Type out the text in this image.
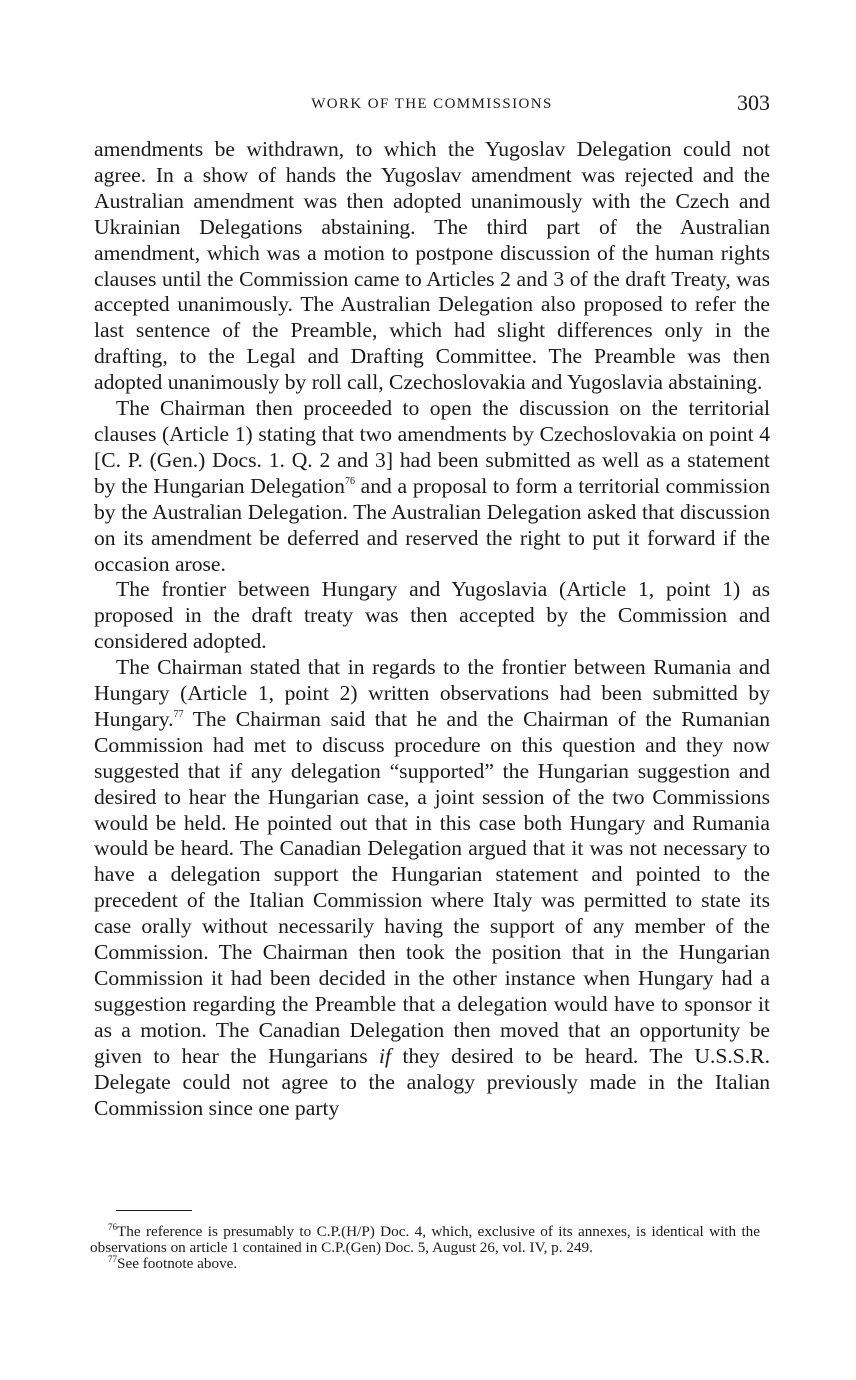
WORK OF THE COMMISSIONS	303

amendments be withdrawn, to which the Yugoslav Delegation could not agree. In a show of hands the Yugoslav amendment was rejected and the Australian amendment was then adopted unanimously with the Czech and Ukrainian Delegations abstaining. The third part of the Australian amendment, which was a motion to postpone discussion of the human rights clauses until the Commission came to Articles 2 and 3 of the draft Treaty, was accepted unanimously. The Australian Delegation also proposed to refer the last sentence of the Preamble, which had slight differences only in the drafting, to the Legal and Drafting Committee. The Preamble was then adopted unanimously by roll call, Czechoslovakia and Yugoslavia abstaining.

The Chairman then proceeded to open the discussion on the territorial clauses (Article 1) stating that two amendments by Czechoslovakia on point 4 [C. P. (Gen.) Docs. 1. Q. 2 and 3] had been submitted as well as a statement by the Hungarian Delegation$^{76}$ and a proposal to form a territorial commission by the Australian Delegation. The Australian Delegation asked that discussion on its amendment be deferred and reserved the right to put it forward if the occasion arose.

The frontier between Hungary and Yugoslavia (Article 1, point 1) as proposed in the draft treaty was then accepted by the Commission and considered adopted.

The Chairman stated that in regards to the frontier between Rumania and Hungary (Article 1, point 2) written observations had been submitted by Hungary.$^{77}$ The Chairman said that he and the Chairman of the Rumanian Commission had met to discuss procedure on this question and they now suggested that if any delegation “supported” the Hungarian suggestion and desired to hear the Hungarian case, a joint session of the two Commissions would be held. He pointed out that in this case both Hungary and Rumania would be heard. The Canadian Delegation argued that it was not necessary to have a delegation support the Hungarian statement and pointed to the precedent of the Italian Commission where Italy was permitted to state its case orally without necessarily having the support of any member of the Commission. The Chairman then took the position that in the Hungarian Commission it had been decided in the other instance when Hungary had a suggestion regarding the Preamble that a delegation would have to sponsor it as a motion. The Canadian Delegation then moved that an opportunity be given to hear the Hungarians if they desired to be heard. The U.S.S.R. Delegate could not agree to the analogy previously made in the Italian Commission since one party

$^{76}$The reference is presumably to C.P.(H/P) Doc. 4, which, exclusive of its annexes, is identical with the observations on article 1 contained in C.P.(Gen) Doc. 5, August 26, vol. IV, p. 249.

$^{77}$See footnote above.
